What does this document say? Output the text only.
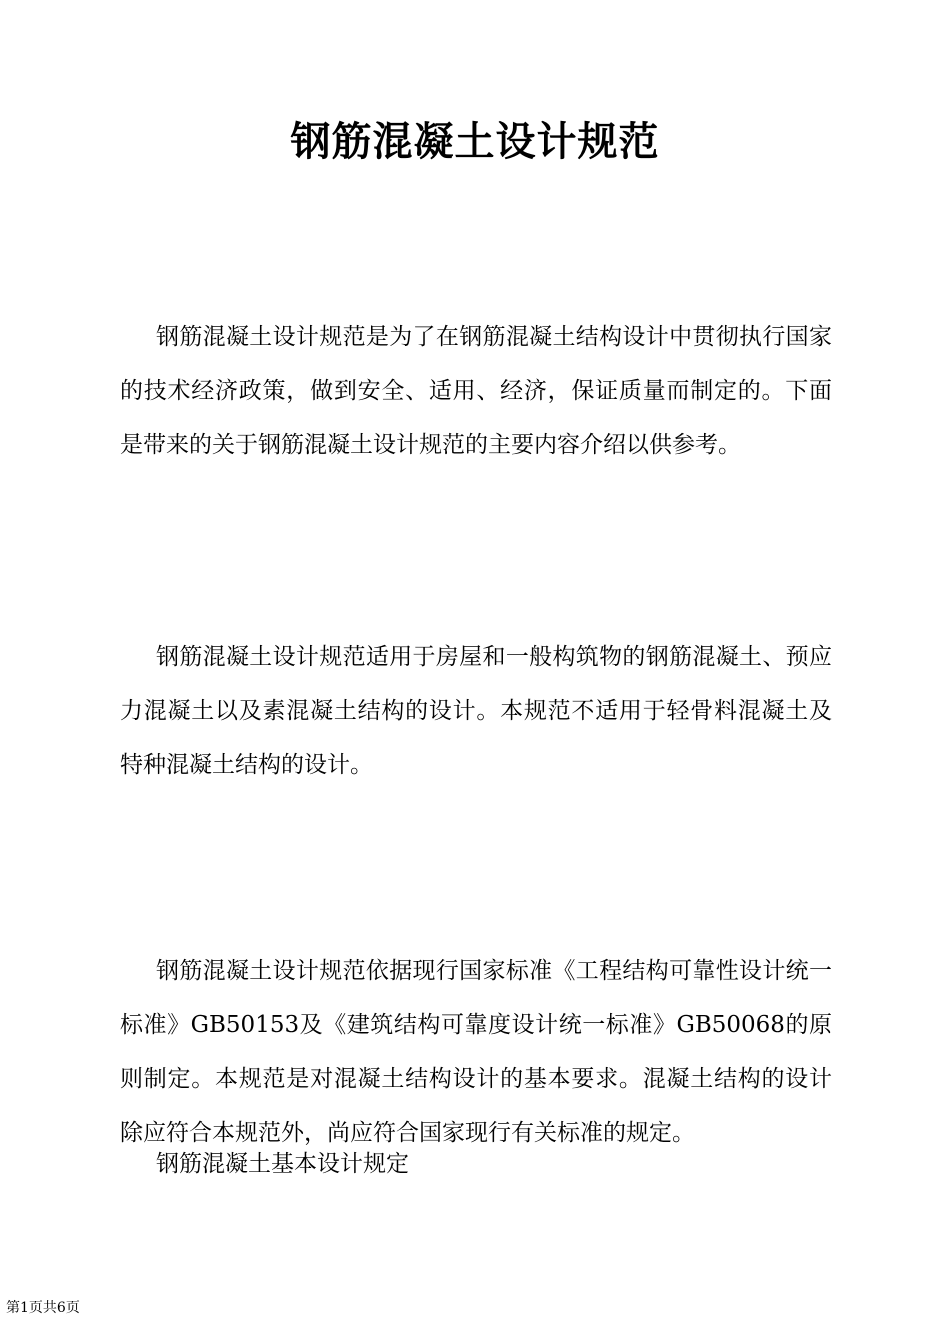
钢筋混凝土设计规范

钢筋混凝土设计规范是为了在钢筋混凝土结构设计中贯彻执行国家的技术经济政策，做到安全、适用、经济，保证质量而制定的。下面是带来的关于钢筋混凝土设计规范的主要内容介绍以供参考。

钢筋混凝土设计规范适用于房屋和一般构筑物的钢筋混凝土、预应力混凝土以及素混凝土结构的设计。本规范不适用于轻骨料混凝土及特种混凝土结构的设计。

钢筋混凝土设计规范依据现行国家标准《工程结构可靠性设计统一标准》GB50153及《建筑结构可靠度设计统一标准》GB50068的原则制定。本规范是对混凝土结构设计的基本要求。混凝土结构的设计除应符合本规范外，尚应符合国家现行有关标准的规定。

钢筋混凝土基本设计规定

第1页共6页
